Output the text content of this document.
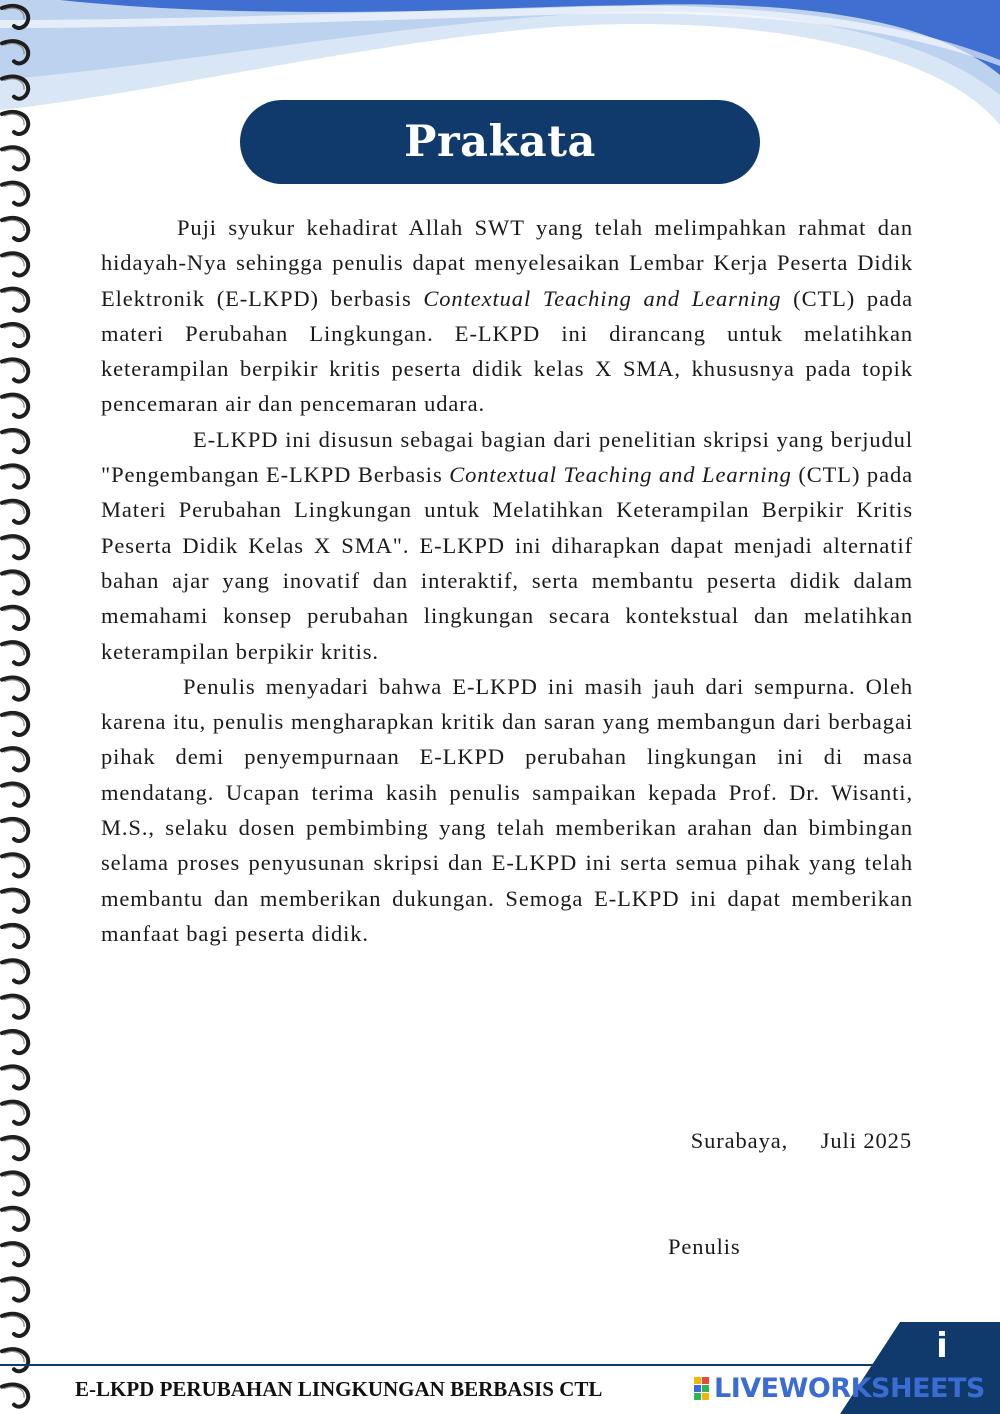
Prakata

Puji syukur kehadirat Allah SWT yang telah melimpahkan rahmat dan hidayah-Nya sehingga penulis dapat menyelesaikan Lembar Kerja Peserta Didik Elektronik (E-LKPD) berbasis Contextual Teaching and Learning (CTL) pada materi Perubahan Lingkungan. E-LKPD ini dirancang untuk melatihkan keterampilan berpikir kritis peserta didik kelas X SMA, khususnya pada topik pencemaran air dan pencemaran udara.

E-LKPD ini disusun sebagai bagian dari penelitian skripsi yang berjudul "Pengembangan E-LKPD Berbasis Contextual Teaching and Learning (CTL) pada Materi Perubahan Lingkungan untuk Melatihkan Keterampilan Berpikir Kritis Peserta Didik Kelas X SMA". E-LKPD ini diharapkan dapat menjadi alternatif bahan ajar yang inovatif dan interaktif, serta membantu peserta didik dalam memahami konsep perubahan lingkungan secara kontekstual dan melatihkan keterampilan berpikir kritis.

Penulis menyadari bahwa E-LKPD ini masih jauh dari sempurna. Oleh karena itu, penulis mengharapkan kritik dan saran yang membangun dari berbagai pihak demi penyempurnaan E-LKPD perubahan lingkungan ini di masa mendatang. Ucapan terima kasih penulis sampaikan kepada Prof. Dr. Wisanti, M.S., selaku dosen pembimbing yang telah memberikan arahan dan bimbingan selama proses penyusunan skripsi dan E-LKPD ini serta semua pihak yang telah membantu dan memberikan dukungan. Semoga E-LKPD ini dapat memberikan manfaat bagi peserta didik.

Surabaya,     Juli 2025
Penulis
E-LKPD PERUBAHAN LINGKUNGAN BERBASIS CTL
i
LIVEWORKSHEETS
